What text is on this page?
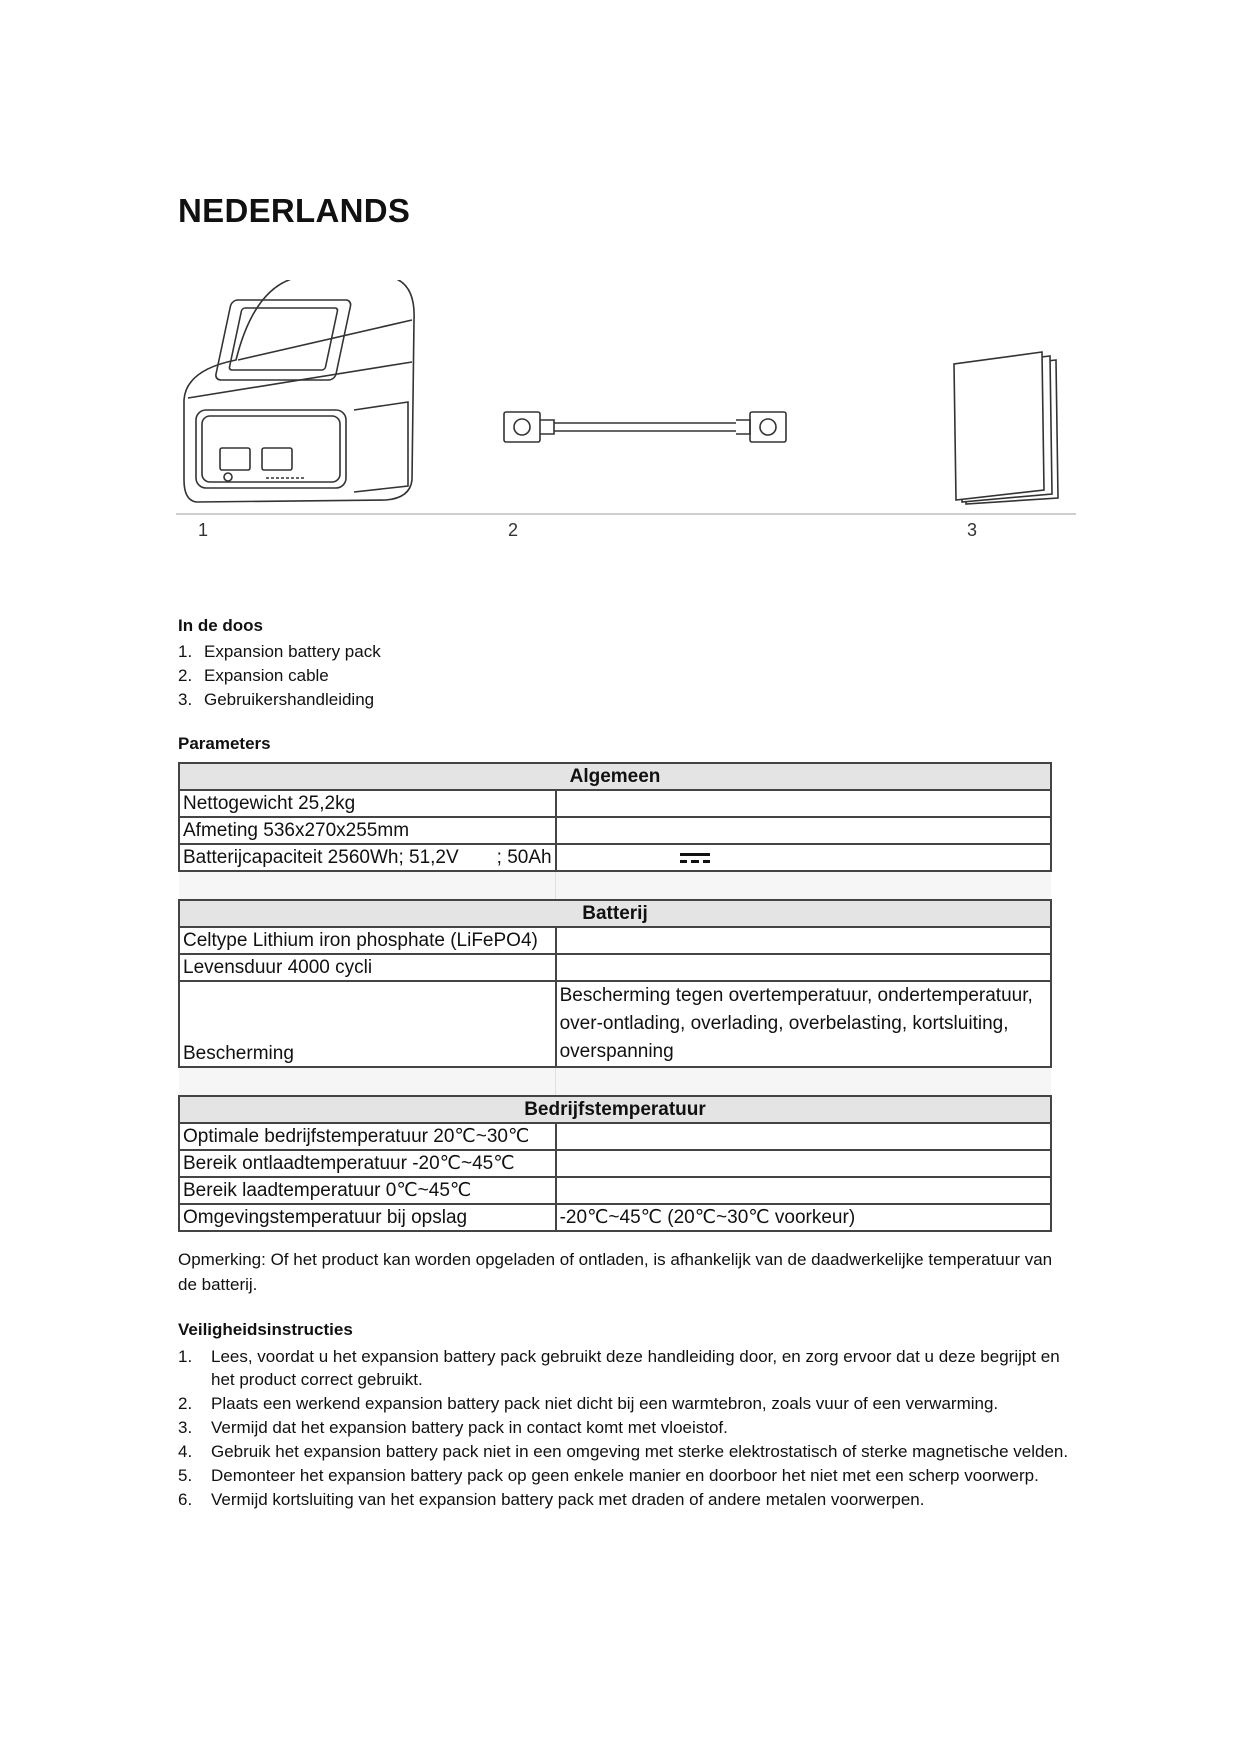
NEDERLANDS
1	2	3
In de doos
1. Expansion battery pack
2. Expansion cable
3. Gebruikershandleiding
Parameters
Algemeen	
Nettogewicht 25,2kg	
Afmeting 536x270x255mm	
Batterijcapaciteit 2560Wh; 51,2V ; 50Ah	

Batterij	
Celtype Lithium iron phosphate (LiFePO4)	
Levensduur 4000 cycli	
Bescherming	Bescherming tegen overtemperatuur, ondertemperatuur, over-ontlading, overlading, overbelasting, kortsluiting, overspanning

Bedrijfstemperatuur	
Optimale bedrijfstemperatuur 20℃~30℃	
Bereik ontlaadtemperatuur -20℃~45℃	
Bereik laadtemperatuur 0℃~45℃	
Omgevingstemperatuur bij opslag	-20℃~45℃ (20℃~30℃ voorkeur)
Opmerking: Of het product kan worden opgeladen of ontladen, is afhankelijk van de daadwerkelijke temperatuur van de batterij.
Veiligheidsinstructies
1.	Lees, voordat u het expansion battery pack gebruikt deze handleiding door, en zorg ervoor dat u deze begrijpt en het product correct gebruikt.
2.	Plaats een werkend expansion battery pack niet dicht bij een warmtebron, zoals vuur of een verwarming.
3.	Vermijd dat het expansion battery pack in contact komt met vloeistof.
4.	Gebruik het expansion battery pack niet in een omgeving met sterke elektrostatisch of sterke magnetische velden.
5.	Demonteer het expansion battery pack op geen enkele manier en doorboor het niet met een scherp voorwerp.
6.	Vermijd kortsluiting van het expansion battery pack met draden of andere metalen voorwerpen.
